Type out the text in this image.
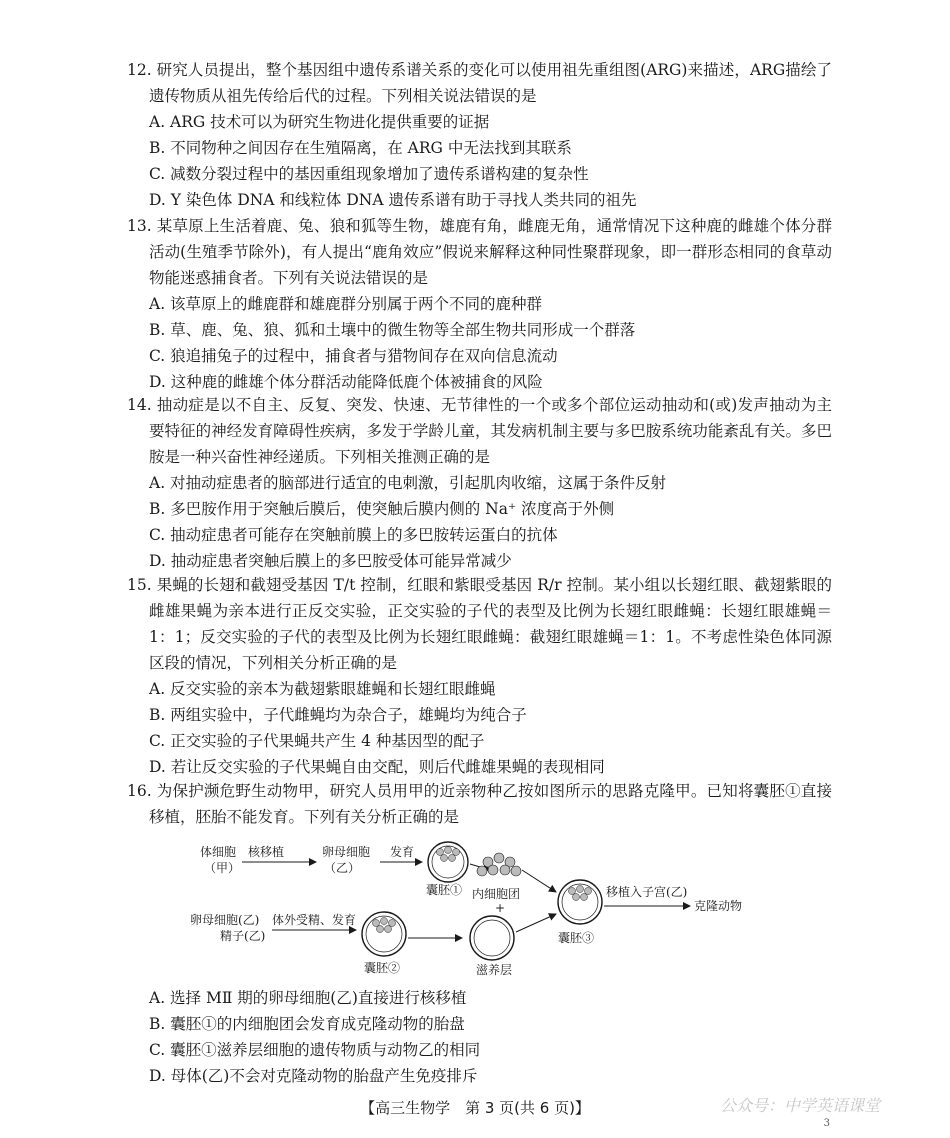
12. 研究人员提出，整个基因组中遗传系谱关系的变化可以使用祖先重组图(ARG)来描述，ARG描绘了遗传物质从祖先传给后代的过程。下列相关说法错误的是

A. ARG 技术可以为研究生物进化提供重要的证据

B. 不同物种之间因存在生殖隔离，在 ARG 中无法找到其联系

C. 减数分裂过程中的基因重组现象增加了遗传系谱构建的复杂性

D. Y 染色体 DNA 和线粒体 DNA 遗传系谱有助于寻找人类共同的祖先

13. 某草原上生活着鹿、兔、狼和狐等生物，雄鹿有角，雌鹿无角，通常情况下这种鹿的雌雄个体分群活动(生殖季节除外)，有人提出“鹿角效应”假说来解释这种同性聚群现象，即一群形态相同的食草动物能迷惑捕食者。下列有关说法错误的是

A. 该草原上的雌鹿群和雄鹿群分别属于两个不同的鹿种群

B. 草、鹿、兔、狼、狐和土壤中的微生物等全部生物共同形成一个群落

C. 狼追捕兔子的过程中，捕食者与猎物间存在双向信息流动

D. 这种鹿的雌雄个体分群活动能降低鹿个体被捕食的风险

14. 抽动症是以不自主、反复、突发、快速、无节律性的一个或多个部位运动抽动和(或)发声抽动为主要特征的神经发育障碍性疾病，多发于学龄儿童，其发病机制主要与多巴胺系统功能紊乱有关。多巴胺是一种兴奋性神经递质。下列相关推测正确的是

A. 对抽动症患者的脑部进行适宜的电刺激，引起肌肉收缩，这属于条件反射

B. 多巴胺作用于突触后膜后，使突触后膜内侧的 Na⁺ 浓度高于外侧

C. 抽动症患者可能存在突触前膜上的多巴胺转运蛋白的抗体

D. 抽动症患者突触后膜上的多巴胺受体可能异常减少

15. 果蝇的长翅和截翅受基因 T/t 控制，红眼和紫眼受基因 R/r 控制。某小组以长翅红眼、截翅紫眼的雌雄果蝇为亲本进行正反交实验，正交实验的子代的表型及比例为长翅红眼雌蝇：长翅红眼雄蝇＝1：1；反交实验的子代的表型及比例为长翅红眼雌蝇：截翅红眼雄蝇＝1：1。不考虑性染色体同源区段的情况，下列相关分析正确的是

A. 反交实验的亲本为截翅紫眼雄蝇和长翅红眼雌蝇

B. 两组实验中，子代雌蝇均为杂合子，雄蝇均为纯合子

C. 正交实验的子代果蝇共产生 4 种基因型的配子

D. 若让反交实验的子代果蝇自由交配，则后代雌雄果蝇的表现相同

16. 为保护濒危野生动物甲，研究人员用甲的近亲物种乙按如图所示的思路克隆甲。已知将囊胚①直接移植，胚胎不能发育。下列有关分析正确的是

体细胞
（甲）
核移植	卵母细胞
（乙）
发育
囊胚① 内细胞团
+
囊胚③
移植入子宫(乙)
克隆动物
卵母细胞(乙) 体外受精、发育
精子(乙)
囊胚②	滋养层

A. 选择 MⅡ 期的卵母细胞(乙)直接进行核移植

B. 囊胚①的内细胞团会发育成克隆动物的胎盘

C. 囊胚①滋养层细胞的遗传物质与动物乙的相同

D. 母体(乙)不会对克隆动物的胎盘产生免疫排斥

【高三生物学　第 3 页(共 6 页)】	公众号：中学英语课堂
3
